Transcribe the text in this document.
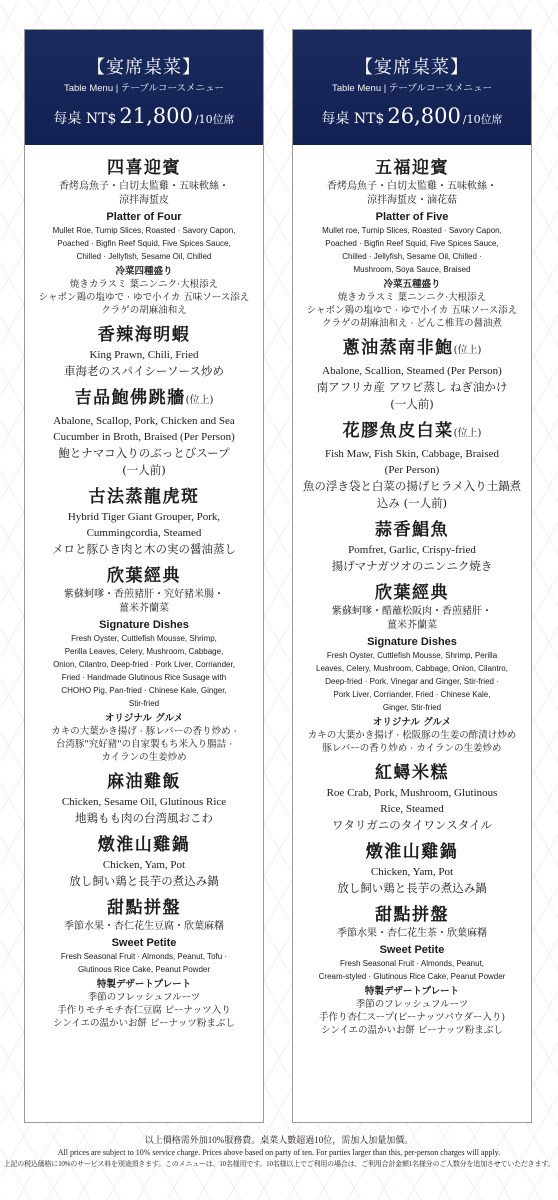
【宴席桌菜】
Table Menu | テーブルコースメニュー
每桌 NT$ 21,800 /10位席
四喜迎賓
香烤烏魚子・白切太監雞・五味軟絲・
涼拌海蜇皮
Platter of Four
Mullet Roe, Turnip Slices, Roasted · Savory Capon,
Poached · Bigfin Reef Squid, Five Spices Sauce,
Chilled · Jellyfish, Sesame Oil, Chilled
冷菜四種盛り
焼きカラスミ 葉ニンニク·大根添え
シャボン鶏の塩ゆで · ゆで小イカ 五味ソース添え
クラゲの胡麻油和え
香辣海明蝦
King Prawn, Chili, Fried
車海老のスパイシーソース炒め
吉品鮑佛跳牆(位上)
Abalone, Scallop, Pork, Chicken and Sea
Cucumber in Broth, Braised (Per Person)
鮑とナマコ入りのぶっとびスープ
(一人前)
古法蒸龍虎斑
Hybrid Tiger Giant Grouper, Pork,
Cummingcordia, Steamed
メロと豚ひき肉と木の実の醤油蒸し
欣葉經典
紫蘇蚵嗲・香煎豬肝・究好豬米腸・
薑米芥蘭菜
Signature Dishes
Fresh Oyster, Cuttlefish Mousse, Shrimp,
Perilla Leaves, Celery, Mushroom, Cabbage,
Onion, Cilantro, Deep-fried · Pork Liver, Corriander,
Fried · Handmade Glutinous Rice Susage with
CHOHO Pig, Pan-fried · Chinese Kale, Ginger,
Stir-fried
オリジナル グルメ
カキの大葉かき揚げ · 豚レバーの香り炒め ·
台湾豚"究好豬"の自家製もち米入り腸詰 ·
カイランの生姜炒め
麻油雞飯
Chicken, Sesame Oil, Glutinous Rice
地鶏もも肉の台湾風おこわ
燉淮山雞鍋
Chicken, Yam, Pot
放し飼い鶏と長芋の煮込み鍋
甜點拼盤
季節水果・杏仁花生豆腐・欣葉麻糬
Sweet Petite
Fresh Seasonal Fruit · Almonds, Peanut, Tofu ·
Glutinous Rice Cake, Peanut Powder
特製デザートプレート
季節のフレッシュフルーツ
手作りモチモチ杏仁豆腐 ピーナッツ入り
シンイエの温かいお餅 ピーナッツ粉まぶし
【宴席桌菜】
Table Menu | テーブルコースメニュー
每桌 NT$ 26,800 /10位席
五福迎賓
香烤烏魚子・白切太監雞・五味軟絲・
涼拌海蜇皮・滷花菇
Platter of Five
Mullet roe, Turnip Slices, Roasted · Savory Capon,
Poached · Bigfin Reef Squid, Five Spices Sauce,
Chilled · Jellyfish, Sesame Oil, Chilled ·
Mushroom, Soya Sauce, Braised
冷菜五種盛り
焼きカラスミ 葉ニンニク·大根添え
シャボン鶏の塩ゆで · ゆで小イカ 五味ソース添え
クラゲの胡麻油和え · どんこ椎茸の醤油煮
蔥油蒸南非鮑(位上)
Abalone, Scallion, Steamed (Per Person)
南アフリカ産 アワビ蒸し ねぎ油かけ
(一人前)
花膠魚皮白菜(位上)
Fish Maw, Fish Skin, Cabbage, Braised
(Per Person)
魚の浮き袋と白菜の揚げヒラメ入り土鍋煮
込み (一人前)
蒜香鯧魚
Pomfret, Garlic, Crispy-fried
揚げマナガツオのニンニク焼き
欣葉經典
紫蘇蚵嗲・醋蘸松阪肉・香煎豬肝・
薑米芥蘭菜
Signature Dishes
Fresh Oyster, Cuttlefish Mousse, Shrimp, Perilla
Leaves, Celery, Mushroom, Cabbage, Onion, Cilantro,
Deep-fried · Pork, Vinegar and Ginger, Stir-fried ·
Pork Liver, Corriander, Fried · Chinese Kale,
Ginger, Stir-fried
オリジナル グルメ
カキの大葉かき揚げ · 松阪豚の生姜の酢漬け炒め
豚レバーの香り炒め · カイランの生姜炒め
紅蟳米糕
Roe Crab, Pork, Mushroom, Glutinous
Rice, Steamed
ワタリガニのタイワンスタイル
燉淮山雞鍋
Chicken, Yam, Pot
放し飼い鶏と長芋の煮込み鍋
甜點拼盤
季節水果・杏仁花生茶・欣葉麻糬
Sweet Petite
Fresh Seasonal Fruit · Almonds, Peanut,
Cream-styled · Glutinous Rice Cake, Peanut Powder
特製デザートプレート
季節のフレッシュフルーツ
手作り杏仁スープ(ピーナッツパウダー入り)
シンイエの温かいお餅 ピーナッツ粉まぶし
以上價格需外加10%服務費。桌菜人數超過10位，需加人加量加價。
All prices are subject to 10% service charge. Prices above based on party of ten. For parties larger than this, per-person charges will apply.
上記の税込価格に10%のサービス料を別途頂きます。このメニューは、10名様用です。10名様以上でご利用の場合は、ご利用合計金額1名様分のご人数分を追加させていただきます。
